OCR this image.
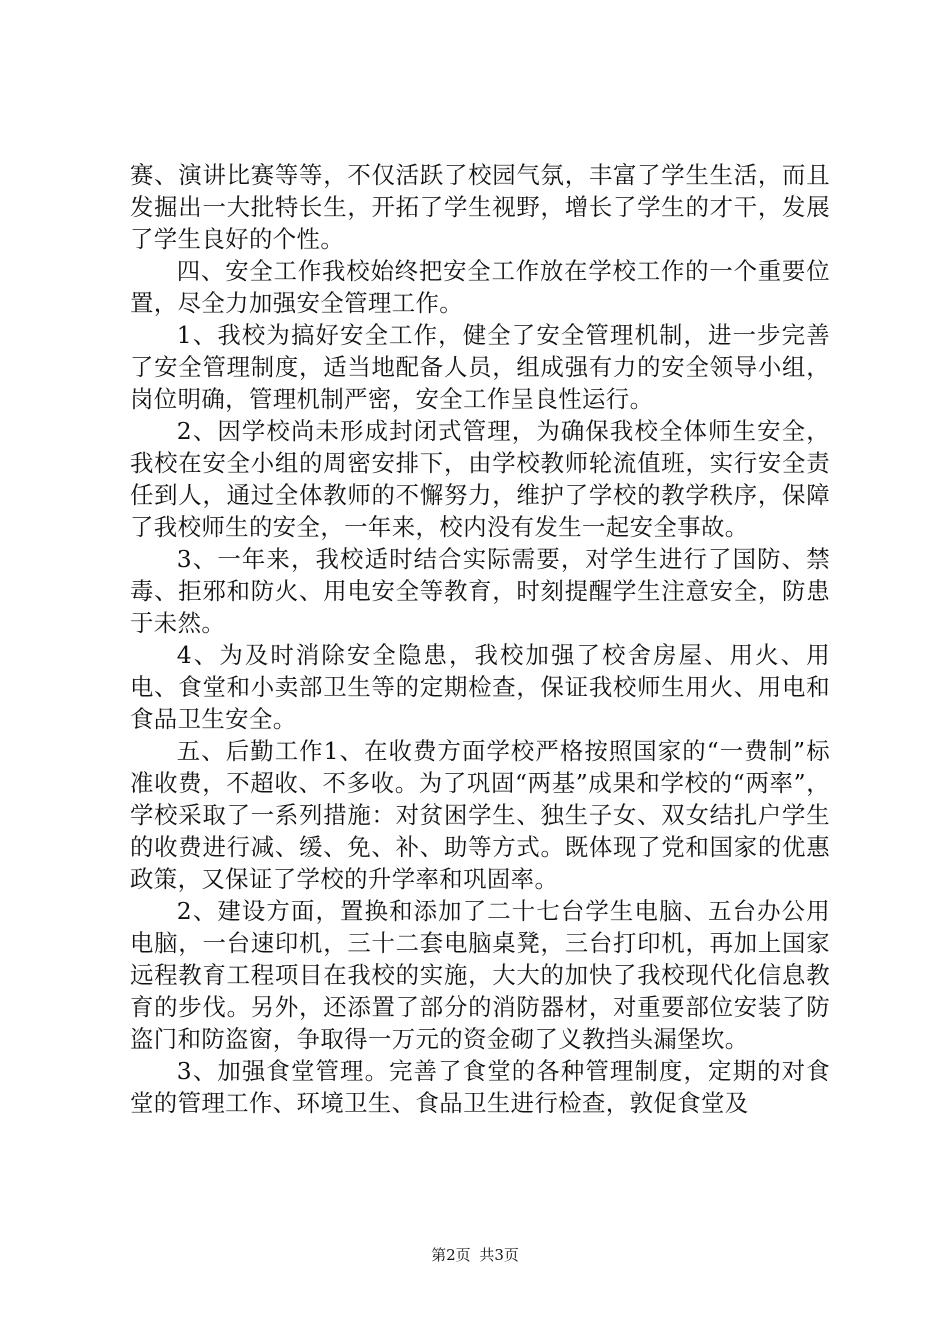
赛、演讲比赛等等，不仅活跃了校园气氛，丰富了学生生活，而且发掘出一大批特长生，开拓了学生视野，增长了学生的才干，发展了学生良好的个性。

四、安全工作我校始终把安全工作放在学校工作的一个重要位置，尽全力加强安全管理工作。

1、我校为搞好安全工作，健全了安全管理机制，进一步完善了安全管理制度，适当地配备人员，组成强有力的安全领导小组，岗位明确，管理机制严密，安全工作呈良性运行。

2、因学校尚未形成封闭式管理，为确保我校全体师生安全，我校在安全小组的周密安排下，由学校教师轮流值班，实行安全责任到人，通过全体教师的不懈努力，维护了学校的教学秩序，保障了我校师生的安全，一年来，校内没有发生一起安全事故。

3、一年来，我校适时结合实际需要，对学生进行了国防、禁毒、拒邪和防火、用电安全等教育，时刻提醒学生注意安全，防患于未然。

4、为及时消除安全隐患，我校加强了校舍房屋、用火、用电、食堂和小卖部卫生等的定期检查，保证我校师生用火、用电和食品卫生安全。

五、后勤工作1、在收费方面学校严格按照国家的“一费制”标准收费，不超收、不多收。为了巩固“两基”成果和学校的“两率”，学校采取了一系列措施：对贫困学生、独生子女、双女结扎户学生的收费进行减、缓、免、补、助等方式。既体现了党和国家的优惠政策，又保证了学校的升学率和巩固率。

2、建设方面，置换和添加了二十七台学生电脑、五台办公用电脑，一台速印机，三十二套电脑桌凳，三台打印机，再加上国家远程教育工程项目在我校的实施，大大的加快了我校现代化信息教育的步伐。另外，还添置了部分的消防器材，对重要部位安装了防盗门和防盗窗，争取得一万元的资金砌了义教挡头漏堡坎。

3、加强食堂管理。完善了食堂的各种管理制度，定期的对食堂的管理工作、环境卫生、食品卫生进行检查，敦促食堂及

第2页 共3页
